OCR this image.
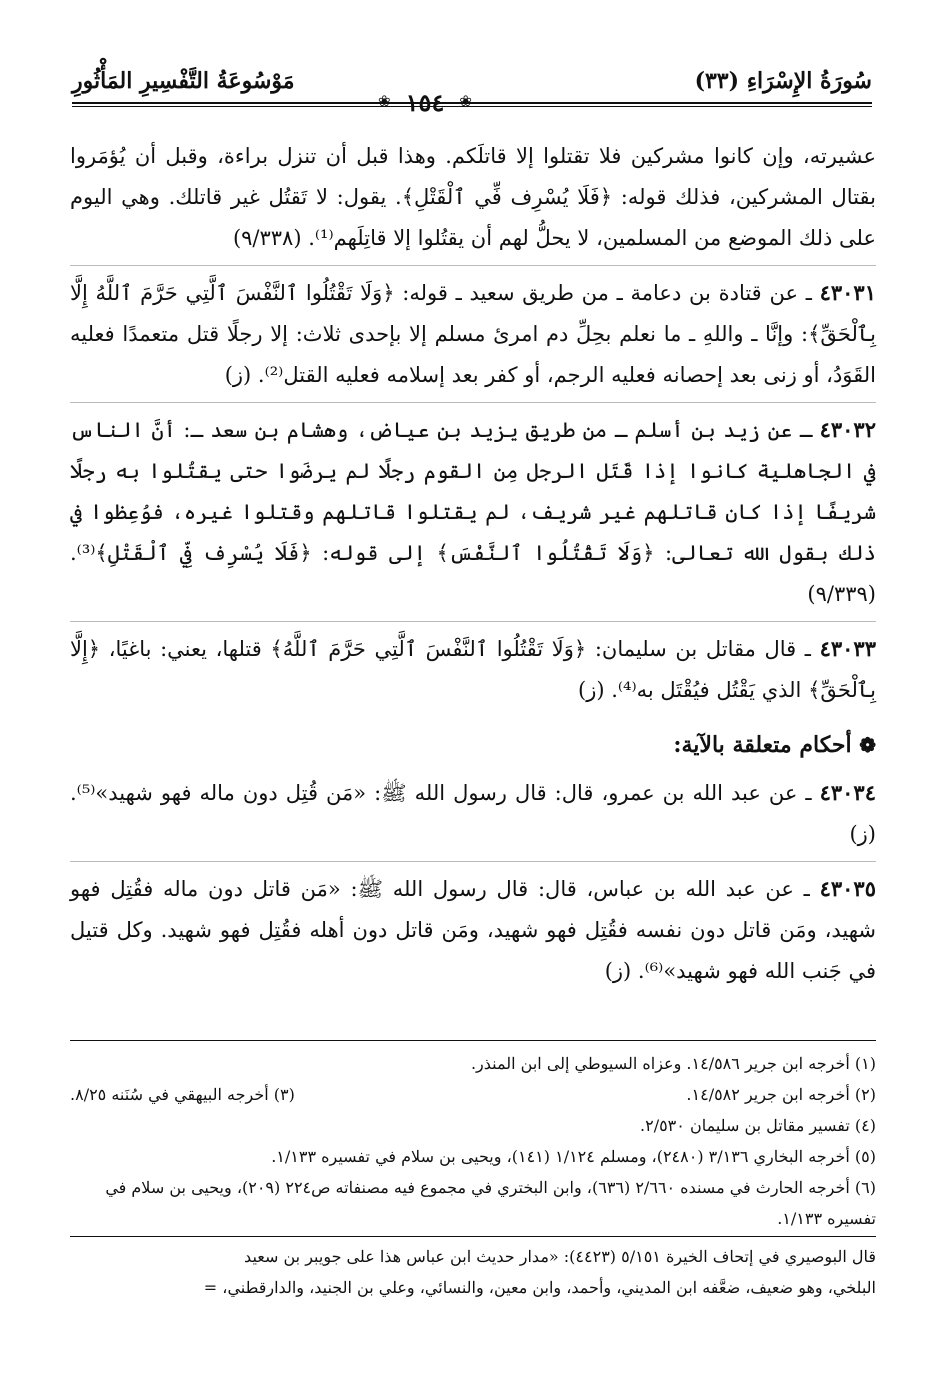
سُورَةُ الإِسْرَاءِ (٣٣)
مَوْسُوعَةُ التَّفْسِيرِ المَأْثُورِ
❀ ١٥٤	❀

عشيرته، وإن كانوا مشركين فلا تقتلوا إلا قاتلَكم. وهذا قبل أن تنزل براءة، وقبل أن يُؤمَروا بقتال المشركين، فذلك قوله: ﴿فَلَا يُسْرِف فِّي ٱلْقَتْلِ﴾. يقول: لا تَقتُل غير قاتلك. وهي اليوم على ذلك الموضع من المسلمين، لا يحلُّ لهم أن يقتُلوا إلا قاتِلَهم⁽¹⁾. (٩/٣٣٨)

٤٣٠٣١ ـ عن قتادة بن دعامة ـ من طريق سعيد ـ قوله: ﴿وَلَا تَقْتُلُوا ٱلنَّفْسَ ٱلَّتِي حَرَّمَ ٱللَّهُ إِلَّا بِٱلْحَقِّ﴾: وإنَّا ـ واللهِ ـ ما نعلم بحِلِّ دم امرئ مسلم إلا بإحدى ثلاث: إلا رجلًا قتل متعمدًا فعليه القَوَدُ، أو زنى بعد إحصانه فعليه الرجم، أو كفر بعد إسلامه فعليه القتل⁽²⁾. (ز)

٤٣٠٣٢ ـ عن زيد بن أسلم ـ من طريق يزيد بن عياض، وهشام بن سعد ـ: أنَّ الناس في الجاهلية كانوا إذا قَتَل الرجل مِن القوم رجلًا لم يرضَوا حتى يقتُلوا به رجلًا شريفًا إذا كان قاتلهم غير شريف، لم يقتلوا قاتلهم وقتلوا غيره، فوُعِظوا في ذلك بقول الله تعالى: ﴿وَلَا تَقْتُلُوا ٱلنَّفْسَ﴾ إلى قوله: ﴿فَلَا يُسْرِف فِّي ٱلْقَتْلِ﴾⁽³⁾. (٩/٣٣٩)

٤٣٠٣٣ ـ قال مقاتل بن سليمان: ﴿وَلَا تَقْتُلُوا ٱلنَّفْسَ ٱلَّتِي حَرَّمَ ٱللَّهُ﴾ قتلها، يعني: باغيًا، ﴿إِلَّا بِٱلْحَقِّ﴾ الذي يَقْتُل فيُقْتَل به⁽⁴⁾. (ز)

❁ أحكام متعلقة بالآية:

٤٣٠٣٤ ـ عن عبد الله بن عمرو، قال: قال رسول الله ﷺ: «مَن قُتِل دون ماله فهو شهيد»⁽⁵⁾. (ز)

٤٣٠٣٥ ـ عن عبد الله بن عباس، قال: قال رسول الله ﷺ: «مَن قاتل دون ماله فقُتِل فهو شهيد، ومَن قاتل دون نفسه فقُتِل فهو شهيد، ومَن قاتل دون أهله فقُتِل فهو شهيد. وكل قتيل في جَنب الله فهو شهيد»⁽⁶⁾. (ز)

(١) أخرجه ابن جرير ١٤/٥٨٦. وعزاه السيوطي إلى ابن المنذر.

(٢) أخرجه ابن جرير ١٤/٥٨٢.
(٣) أخرجه البيهقي في سُنَنه ٨/٢٥.

(٤) تفسير مقاتل بن سليمان ٢/٥٣٠.

(٥) أخرجه البخاري ٣/١٣٦ (٢٤٨٠)، ومسلم ١/١٢٤ (١٤١)، ويحيى بن سلام في تفسيره ١/١٣٣.

(٦) أخرجه الحارث في مسنده ٢/٦٦٠ (٦٣٦)، وابن البختري في مجموع فيه مصنفاته ص٢٢٤ (٢٠٩)، ويحيى بن سلام في تفسيره ١/١٣٣.

قال البوصيري في إتحاف الخيرة ٥/١٥١ (٤٤٢٣): «مدار حديث ابن عباس هذا على جويبر بن سعيد

البلخي، وهو ضعيف، ضعَّفه ابن المديني، وأحمد، وابن معين، والنسائي، وعلي بن الجنيد، والدارقطني، =
